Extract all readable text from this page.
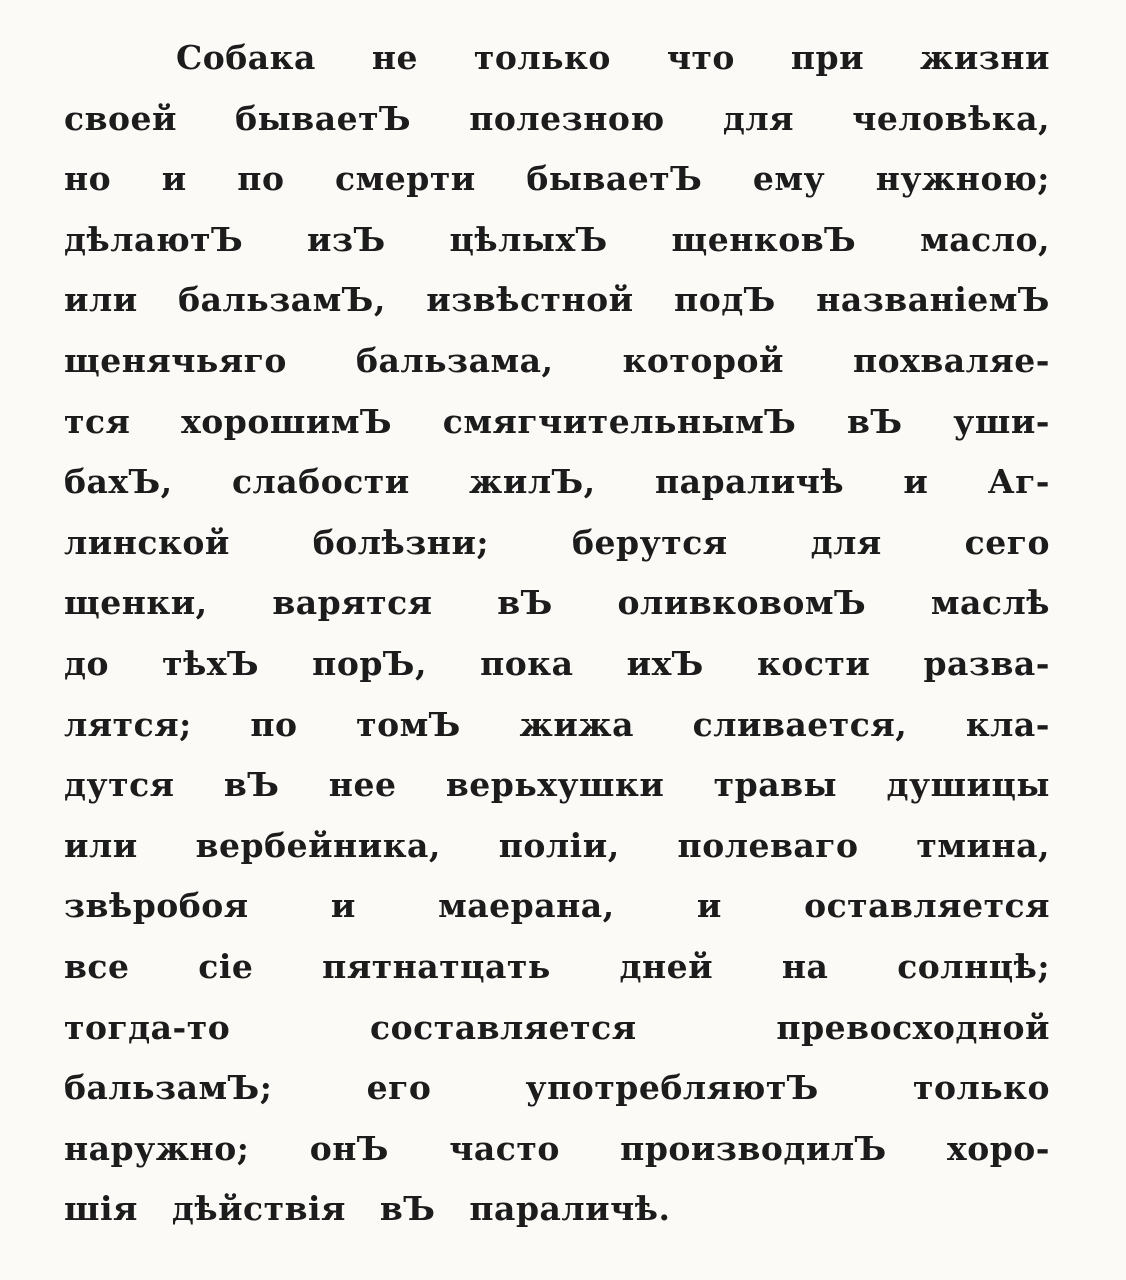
Собака не только что при жизни
своей бываетЪ полезною для человѣка,
но и по смерти бываетЪ ему нужною;
дѣлаютЪ изЪ цѣлыхЪ щенковЪ масло,
или бальзамЪ, извѣстной подЪ названіемЪ
щенячьяго бальзама, которой похваляе-
тся хорошимЪ смягчительнымЪ вЪ уши-
бахЪ, слабости жилЪ, параличѣ и Аг-
линской болѣзни; берутся для сего
щенки, варятся вЪ оливковомЪ маслѣ
до тѣхЪ порЪ, пока ихЪ кости разва-
лятся; по томЪ жижа сливается, кла-
дутся вЪ нее верьхушки травы душицы
или вербейника, поліи, полеваго тмина,
звѣробоя и маерана, и оставляется
все сіе пятнатцать дней на солнцѣ;
тогда-то составляется превосходной
бальзамЪ; его употребляютЪ только
наружно; онЪ часто производилЪ хоро-
шія дѣйствія вЪ параличѣ.
